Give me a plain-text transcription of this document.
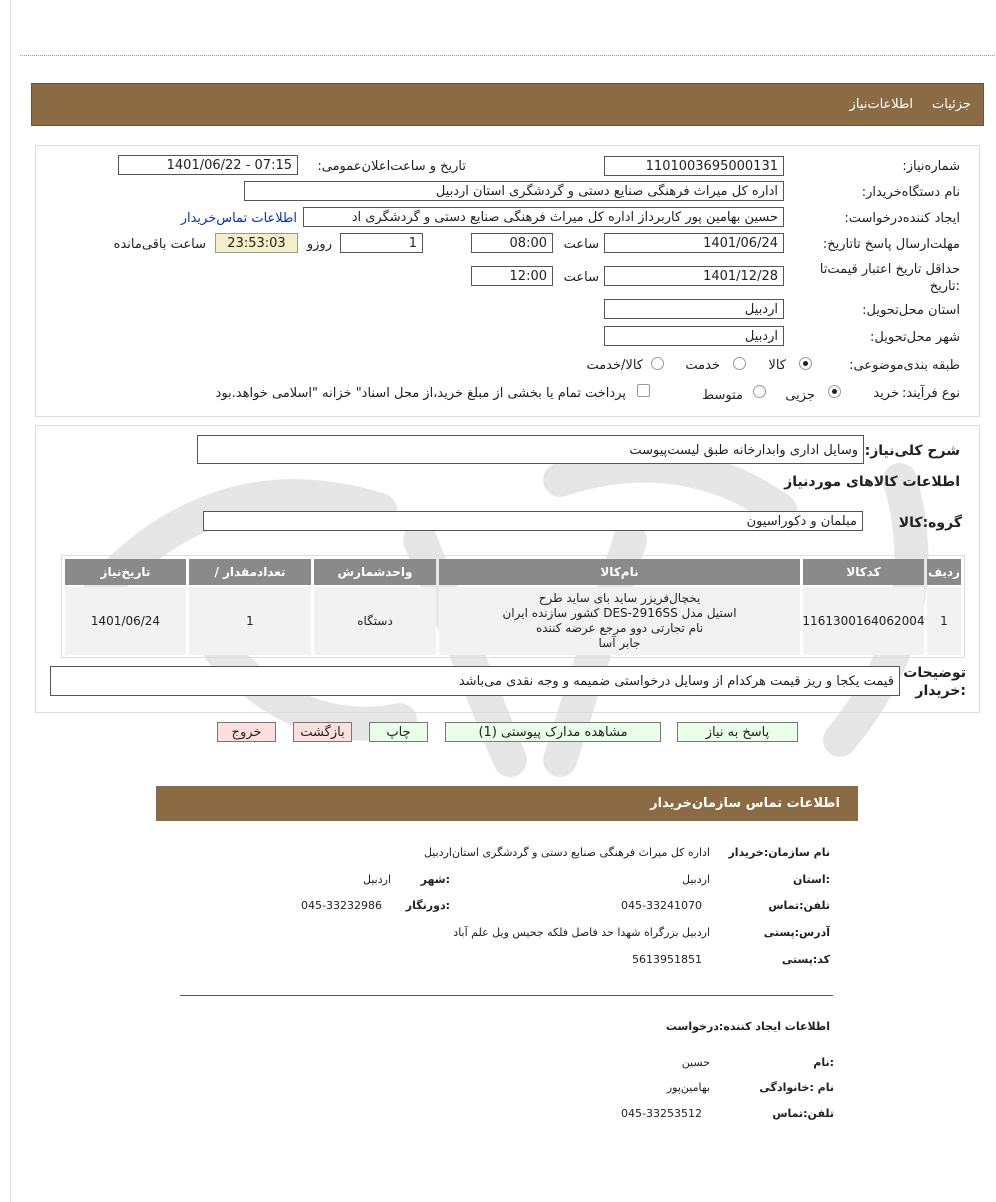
جزئیات
اطلاعات‌نیاز
شماره‌نیاز:
1101003695000131
تاریخ و ساعت‌اعلان‌عمومی:
1401/06/22 - 07:15
نام دستگاه‌خریدار:
اداره کل میراث فرهنگی صنایع دستی و گردشگری استان اردبیل
ایجاد کننده‌درخواست:
حسین بهامین پور کاربرداز اداره کل میراث فرهنگی صنایع دستی و گردشگری اد
اطلاعات تماس‌خریدار
مهلت‌ارسال پاسخ تا‌تاریخ:
1401/06/24
ساعت
08:00
روزو	1
23:53:03
ساعت باقی‌مانده
حداقل تاریخ اعتبار قیمت‌تا
:تاریخ
1401/12/28
ساعت
12:00
استان محل‌تحویل:
اردبیل
شهر محل‌تحویل:
اردبیل
طبقه بندی‌موضوعی:
کالا
خدمت
کالا/خدمت
نوع فرآیند:
خرید
جزیی
متوسط
پرداخت تمام یا بخشی از مبلغ خرید،از محل اسناد" خزانه "اسلامی خواهد.بود
شرح کلی‌نیاز:
وسایل اداری وابدارخانه طبق لیست‌پیوست
اطلاعات کالاهای موردنیاز
گروه:کالا
مبلمان و دکوراسیون
ردیف
کدکالا
نام‌کالا
واحدشمارش
/ تعدادمقدار
تاریخ‌نیاز
1
1161300164062004
یخچال‌فریزر ساید بای ساید طرح
استیل مدل DES-2916SS کشور سازنده ایران
نام تجارتی دوو مرجع عرضه کننده
جابر آسا
دستگاه
1
1401/06/24
توضیحات
:خریدار
قیمت یکجا و ریز قیمت هرکدام از وسایل درخواستی ضمیمه و وجه نقدی می‌باشد
پاسخ به نیاز
مشاهده مدارک پیوستی (1)
چاپ
بازگشت
خروج
اطلاعات تماس سازمان‌خریدار
نام سازمان‌:خریدار
اداره کل میراث فرهنگی صنایع دستی و گردشگری استان‌اردبیل
:استان
اردبیل
:شهر
اردبیل
تلفن‌:تماس
045-33241070
:دورنگار
045-33232986
آدرس‌:پستی
اردبیل بزرگراه شهدا حد فاصل فلکه جحیس ویل علم آباد
کد:پستی
5613951851
اطلاعات ایجاد کننده‌:درخواست
:نام
حسین
نام :خانوادگی
بهامین‌پور
تلفن‌:تماس
045-33253512
